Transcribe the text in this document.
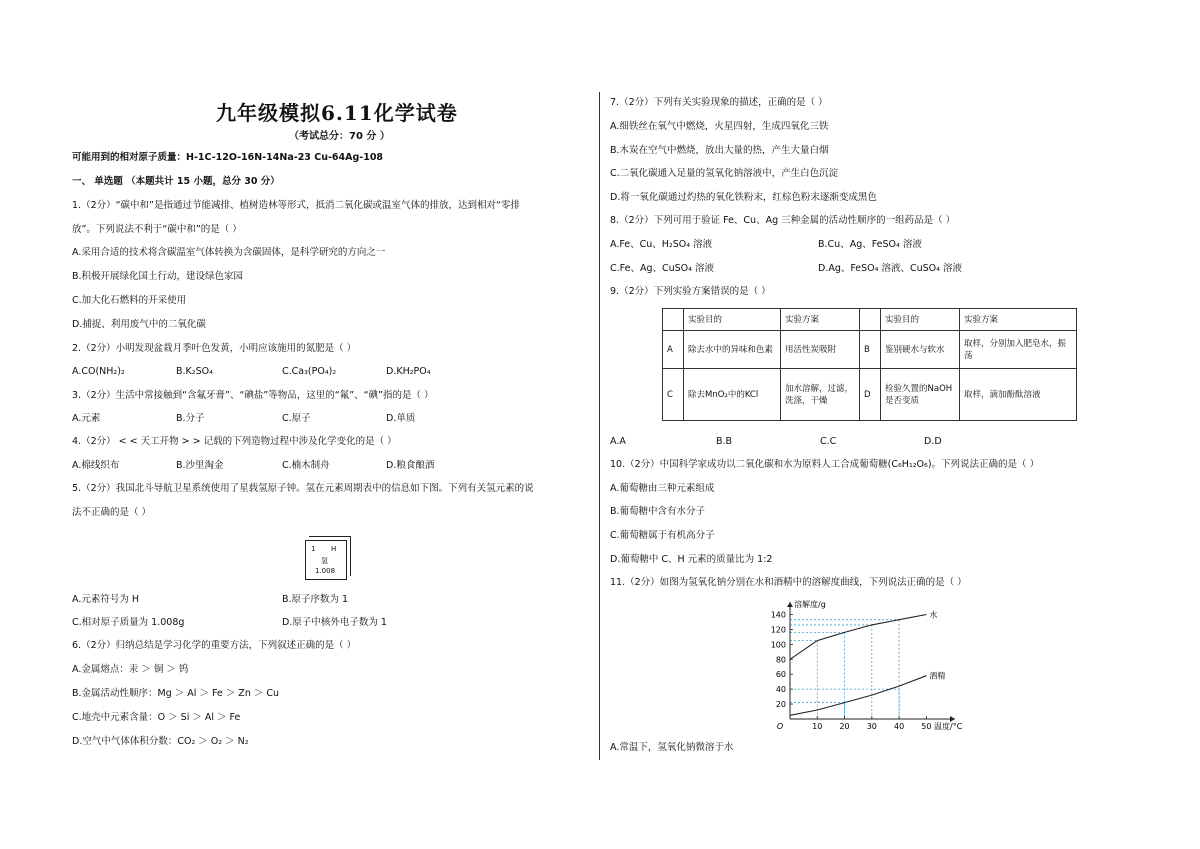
九年级模拟6.11化学试卷
（考试总分：70 分 ）
可能用到的相对原子质量：H-1C-12O-16N-14Na-23 Cu-64Ag-108
一、 单选题 （本题共计 15 小题，总分 30 分）
1.（2分）“碳中和”是指通过节能减排、植树造林等形式，抵消二氧化碳或温室气体的排放，达到相对“零排
放”。下列说法不利于“碳中和”的是（ ）
A.采用合适的技术将含碳温室气体转换为含碳固体，是科学研究的方向之一
B.积极开展绿化国土行动，建设绿色家园
C.加大化石燃料的开采使用
D.捕捉、利用废气中的二氧化碳
2.（2分）小明发现盆栽月季叶色发黄，小明应该施用的氮肥是（ ）
A.CO(NH₂)₂	B.K₂SO₄	C.Ca₃(PO₄)₂	D.KH₂PO₄
3.（2分）生活中常接触到“含氟牙膏”、“碘盐”等物品，这里的“氟”、“碘”指的是（ ）
A.元素	B.分子	C.原子	D.单质
4.（2分） < < 天工开物 > > 记载的下列造物过程中涉及化学变化的是（ ）
A.棉线织布	B.沙里淘金	C.楠木制舟	D.粮食酿酒
5.（2分）我国北斗导航卫星系统使用了星载氢原子钟。氢在元素周期表中的信息如下图。下列有关氢元素的说
法不正确的是（ ）
1 H
氢
1.008
A.元素符号为 H	B.原子序数为 1
C.相对原子质量为 1.008g	D.原子中核外电子数为 1
6.（2分）归纳总结是学习化学的重要方法，下列叙述正确的是（ ）
A.金属熔点：汞 ＞ 铜 ＞ 钨
B.金属活动性顺序：Mg ＞ Al ＞ Fe ＞ Zn ＞ Cu
C.地壳中元素含量：O ＞ Si ＞ Al ＞ Fe
D.空气中气体体积分数：CO₂ ＞ O₂ ＞ N₂
7.（2分）下列有关实验现象的描述，正确的是（ ）
A.细铁丝在氧气中燃烧，火星四射，生成四氧化三铁
B.木炭在空气中燃烧，放出大量的热，产生大量白烟
C.二氧化碳通入足量的氢氧化钠溶液中，产生白色沉淀
D.将一氧化碳通过灼热的氧化铁粉末，红棕色粉末逐渐变成黑色
8.（2分）下列可用于验证 Fe、Cu、Ag 三种金属的活动性顺序的一组药品是（ ）
A.Fe、Cu、H₂SO₄ 溶液	B.Cu、Ag、FeSO₄ 溶液
C.Fe、Ag、CuSO₄ 溶液	D.Ag、FeSO₄ 溶液、CuSO₄ 溶液
9.（2分）下列实验方案错误的是（ ）
	实验目的	实验方案		实验目的	实验方案
A	除去水中的异味和色素	用活性炭吸附	B	鉴别硬水与软水	取样，分别加入肥皂水，振荡
C	除去MnO₂中的KCl	加水溶解，过滤，洗涤，干燥	D	检验久置的NaOH是否变质	取样，滴加酚酞溶液
A.A	B.B	C.C	D.D
10.（2分）中国科学家成功以二氧化碳和水为原料人工合成葡萄糖(C₆H₁₂O₆)。下列说法正确的是（ ）
A.葡萄糖由三种元素组成
B.葡萄糖中含有水分子
C.葡萄糖属于有机高分子
D.葡萄糖中 C、H 元素的质量比为 1:2
11.（2分）如图为氢氧化钠分别在水和酒精中的溶解度曲线，下列说法正确的是（ ）
10 20 30 40 50
20
40
60
80
100
120
140
O
溶解度/g
温度/°C
水
酒精
A.常温下，氢氧化钠微溶于水
